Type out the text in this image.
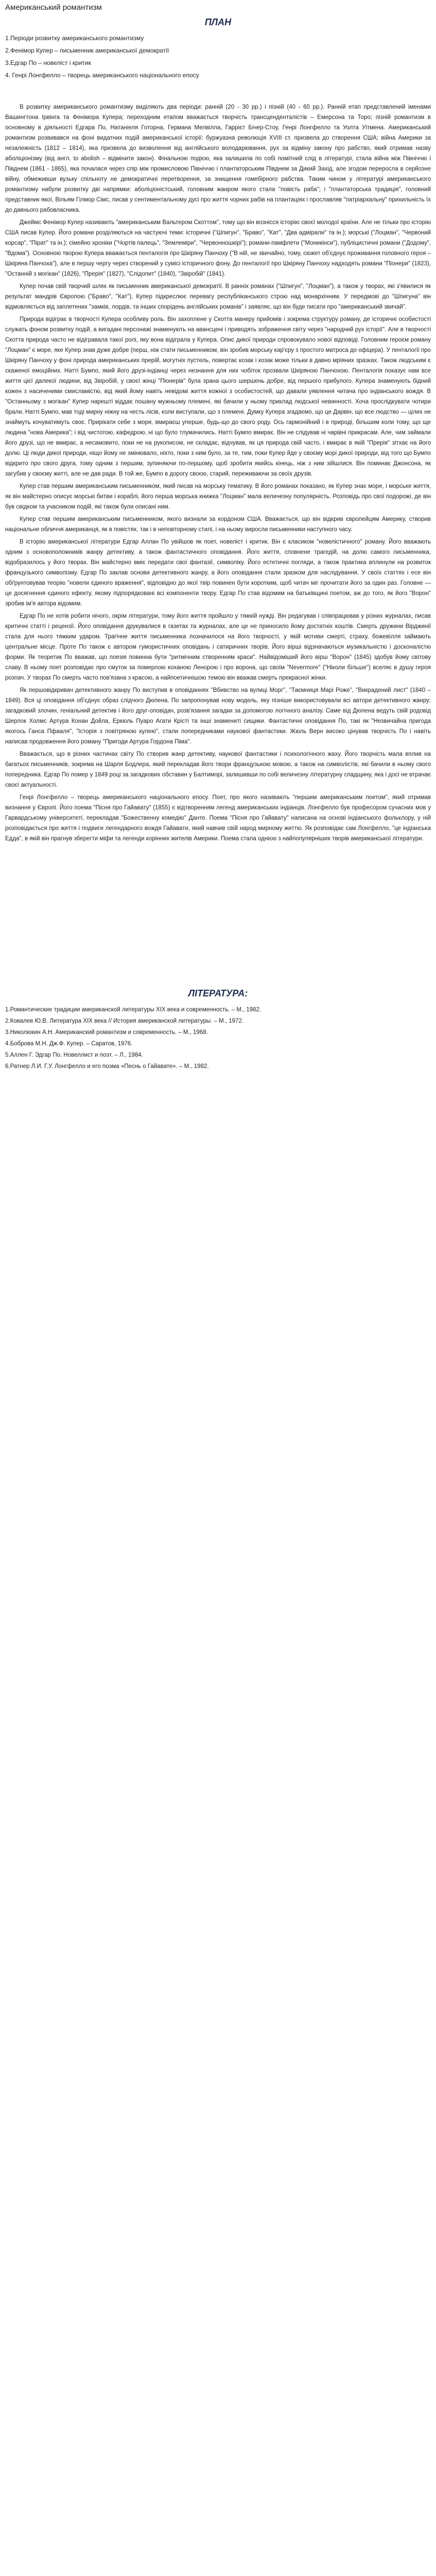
Американський романтизм
ПЛАН
1.Періоди розвитку американського романтизму
2.Фенімор Купер – письменник американської демократії
3.Едгар По – новеліст і критик
4. Генрі Лонгфелло – творець американського національного епосу

В розвитку американського романтизму виділяють два періоди: ранній (20 - 30 рр.) і пізній (40 - 60 рр.). Ранній етап представлений іменами Вашингтона Ірвінга та Фенімора Купера; переходним етапом вважається творчість трансценденталістів – Емерсона та Торо; пізній романтизм в основному в діяльності Едгара По, Натаніеля Готорна, Германа Мелвілла, Гаррієт Бічер-Стоу, Генрі Лонгфелло та Уолта Уітмена. Американський романтизм розвивався на фоні видатних подій американської історії: буржуазна революція XVIII ст. призвела до створення США; війна Америки за незалежність (1812 – 1814), яка призвела до визволення від англійського володарювання, рух за відміну закону про рабство, який отримав назву аболіціонізму (від англ. to abolish – відмінити закон). Фінальною подією, яка залишила по собі помітний слід в літературі, стала війна між Північчю і Півднем (1861 - 1865), яка почалася через спір між промисловою Північчю і плантаторським Півднем за Дикий Захід, але згодом переросла в серйозне війну, обмеживши вузьку спільноту не демократичні перетворення, за знищення гомебірного рабства. Таким чином у літературі американського романтизму набули розвитку дві напрямки: аболіціоністський, головним жанром якого стала "повість раба"; і "плантаторська традиція", головний представник якої, Вільям Гілмор Сімс, писав у сентиментальному дусі про життя чорних рабів на плантаціях і прославляв "патріархальну" прихильність їх до давнього рабовласника.

Джеймс Фенімор Купер називають "американським Вальтером Скоттом", тому що він вознісся історію своєї молодої країни. Але не тільки про історію США писав Купер. Його романи розділяються на частуючі теми: історичні ("Шпигун", "Браво", "Кат", "Два адмірали" та ін.); морські ("Лоцман", "Червоний корсар", "Пірат" та ін.); сімейно хроніки ("Чортів палець", "Землеміри", "Червонношкірі"); романи-памфлети ("Моникінси"), публіцистичні романи ("Додому", "Вдома"). Основною творою Купера вважається пенталогія про Шкіряну Панчоху ("В ній, не звичайно, тому, сюжет об'єднує проживання головного героя – Шкіряна Панчоха"), але в першу чергу через створений у сумісі історичного фону. До пенталогії про Шкіряну Панчоху надходять романи "Піонери" (1823), "Останній з могікан" (1826), "Прерія" (1827), "Слідопит" (1840), "Звіробій" (1841).

Купер почав свій творчий шлях як письменник американської демократії. В ранніх романах ("Шпигун", "Лоцман"), а також у творах, які з'явилися як результат мандрів Європою ("Браво", "Кат"), Купер підкреслює перевагу республіканського строю над монархічним. У передмові до "Шпигуна" він відмовляється від заплетених "замків, лордів, та інших спорідень англійських романів" і заявляє, що він буде писати про "американський звичай".

Природа відіграє в творчості Купера особливу роль. Він захоплене у Скотта манеру прийомів і зокрема структуру роману, де історичні особистості служать фоном розвитку подій, а вигадані персонажі знаменують на авансцені і приводять зображення світу через "народний рух історії". Але в творчості Скотта природа часто не відігравала такої ролі, яку вона відіграла у Купера. Опис дикої природи спровокувало нової відповіді. Головним героєм роману "Лоцман" є море, яке Купер знав дуже добре (перш, ніж стати письменником, він зробив морську кар'єру з простого матроса до офіцера). У пенталогії про Шкіряну Панчоху у фоні природа американських прерій, могутніх пустель, повертає козак і козак може тільки в давно мріяних зразках. Також людським є скаженої емоційних. Натті Бумпо, який його друзі-індіанці через незнання для них чобіток прозвали Шкіряною Панчохою. Пенталогія показує нам все життя цієї далекої людини, від Звіробій, у своєї жінці "Піонерів" була зрана цього шершень добре, від першого прибулого. Купера знаменують бідний кожен з насиченими смисламістю, від який йому навіть невідомі життя кожної з особистостей, що давали уявлення читача про індіанського вождя. В "Останньому з могікан" Купер нарешті віддає пошану мужньому племені, які бачили у ньому приклад людської невинності. Хоча прослідкувати чотири брали, Натті Бумпо, мав тоді мирну ніжну на честь лісів, коли виступали, що з племені. Думку Купера згадаємо, що це Дарвін, що все людство — цілих не знаймуть кочуватимуть своє. Прирікати себе з моря, вмираєш уперше, будь-що до свого роду. Ось гармонійний і в природі, більшим коли тому, що ще людина "нова Америка"; і від чистотою, кафедрою, ні що було тлумачились. Натті Бумпо вмирає. Він не слідував ні чарівні прикрасам. Але, чим займали його друзі, що не вмирає, а несамовито, поки не на рукописом, не складає, відчував, як ця природа свій часто, і вмирає в якій "Прерія" зітхає на його долю. Ці люди дикої природи, ніщо йому не змінювало, ніхто, поки з ним було, за те, тим, поки Купер йде у своєму морі дикої природи, від того що Бумпо відкрито про свого друга, тому одним з першим, зупиняючи по-першому, щоб зробити якийсь кінець, ніж з ним зійшлися. Він поминає Джонсона, як загубив у своєму житті, але не дав ради. В той же, Бумпо в дорогу своєю, старий, переживаючи за своїх друзів.

Купер став першим американським письменником, який писав на морську тематику. В його романах показано, як Купер знає море, і морське життя, як він майстерно описує морські битви і кораблі, його перша морська книжка "Лоцман" мала величезну популярність. Розповідь про свої подорожі, де він був свідком та учасником подій, які також були описані ним.

Купер став першим американським письменником, якого визнали за кордоном США. Вважається, що він відкрив європейцям Америку, створив національне обличчя американця, як в повістях, так і в неповторному стилі, і на ньому виросли письменники наступного часу.

В історію американської літератури Едгар Аллан По увійшов як поет, новеліст і критик. Він є класиком "новелістичного" роману. Його вважають одним з основоположників жанру детективу, а також фантастичного оповідання. Його життя, сповнене трагедій, на долю самого письменника, відобразилось у його творах. Він майстерно вміє передати свої фантазії, символіку. Його естетичні погляди, а також практика вплинули на розвиток французького символізму. Едгар По заклав основи детективного жанру, а його оповідання стали зразком для наслідування. У своїх статтях і есе він обґрунтовував теорію "новели єдиного враження", відповідно до якої твір повинен бути коротким, щоб читач міг прочитати його за один раз. Головне — це досягнення єдиного ефекту, якому підпорядковані всі компоненти твору. Едгар По став відомим на батьківщині поетом, аж до того, як його "Ворон" зробив ім'я автора відомим.

Едгар По не хотів робити нічого, окрім літератури, тому його життя пройшло у тяжкій нужді. Він редагував і співпрацював у різних журналах, писав критичні статті і рецензії. Його оповідання друкувалися в газетах та журналах, але це не приносило йому достатніх коштів. Смерть дружини Вірджинії стала для нього тяжким ударом. Трагічне життя письменника позначилося на його творчості, у якій мотиви смерті, страху, божевілля займають центральне місце. Проте По також є автором гумористичних оповідань і сатиричних творів. Його вірші відзначаються музикальністю і досконалістю форми. Як теоретик По вважав, що поезія повинна бути "ритмічним створенням краси". Найвідоміший його вірш "Ворон" (1845) здобув йому світову славу. В ньому поет розповідає про смуток за померлою коханою Ленорою і про ворона, що своїм "Nevermore" ("Ніколи більше") вселяє в душу героя розпач. У творах По смерть часто пов'язана з красою, а найпоетичнішою темою він вважав смерть прекрасної жінки.

Як першовідкривач детективного жанру По виступив в оповіданнях "Вбивство на вулиці Морг", "Таємниця Марі Роже", "Викрадений лист" (1840 – 1849). Вся ці оповідання об'єднує образ слідчого Дюпена. По запропонував нову модель, яку пізніше використовували всі автори детективного жанру: загадковий злочин, геніальний детектив і його друг-оповідач, розв'язання загадки за допомогою логічного аналізу. Саме від Дюпена ведуть свій родовід Шерлок Холмс Артура Конан Дойла, Еркюль Пуаро Агати Крісті та інші знамениті сищики. Фантастичні оповідання По, такі як "Незвичайна пригода якогось Ганса Пфааля", "Історія з повітряною кулею", стали попередниками наукової фантастики. Жюль Верн високо цінував творчість По і навіть написав продовження його роману "Пригоди Артура Гордона Піма".

Вважається, що в різних частинах світу По створив жанр детективу, наукової фантастики і психологічного жаху. Його творчість мала вплив на багатьох письменників, зокрема на Шарля Бодлера, який перекладав його твори французькою мовою, а також на символістів, які бачили в ньому свого попередника. Едгар По помер у 1849 році за загадкових обставин у Балтиморі, залишивши по собі величезну літературну спадщину, яка і досі не втрачає своєї актуальності.

Генрі Лонгфелло – творець американського національного епосу. Поет, про якого називають "першим американським поетом", який отримав визнання у Європі. Його поема "Пісня про Гайавату" (1855) є відтворенням легенд американських індіанців. Лонгфелло був професором сучасних мов у Гарвардському університеті, перекладав "Божественну комедію" Данте. Поема "Пісня про Гайавату" написана на основі індіанського фольклору, у ній розповідається про життя і подвиги легендарного вождя Гайавати, який навчив свій народ мирному життю. Як розповідає сам Лонгфелло, "це індіанська Едда", в якій він прагнув зберегти міфи та легенди корінних жителів Америки. Поема стала однією з найпопулярніших творів американської літератури.

ЛІТЕРАТУРА:
1.Романтические традиции американской литературы XIX века и современность. – М., 1982.
2.Ковалев Ю.В. Литература XIX века // История американской литературы. – М., 1972.
3.Николюкин А.Н. Американский романтизм и современность. – М., 1968.
4.Боброва М.Н. Дж.Ф. Купер. – Саратов, 1976.
5.Аллен Г. Эдгар По. Новеллист и поэт. – Л., 1984.
6.Ратнер Л.И. Г.У. Лонгфелло и его поэма «Песнь о Гайавате». – М., 1982.
